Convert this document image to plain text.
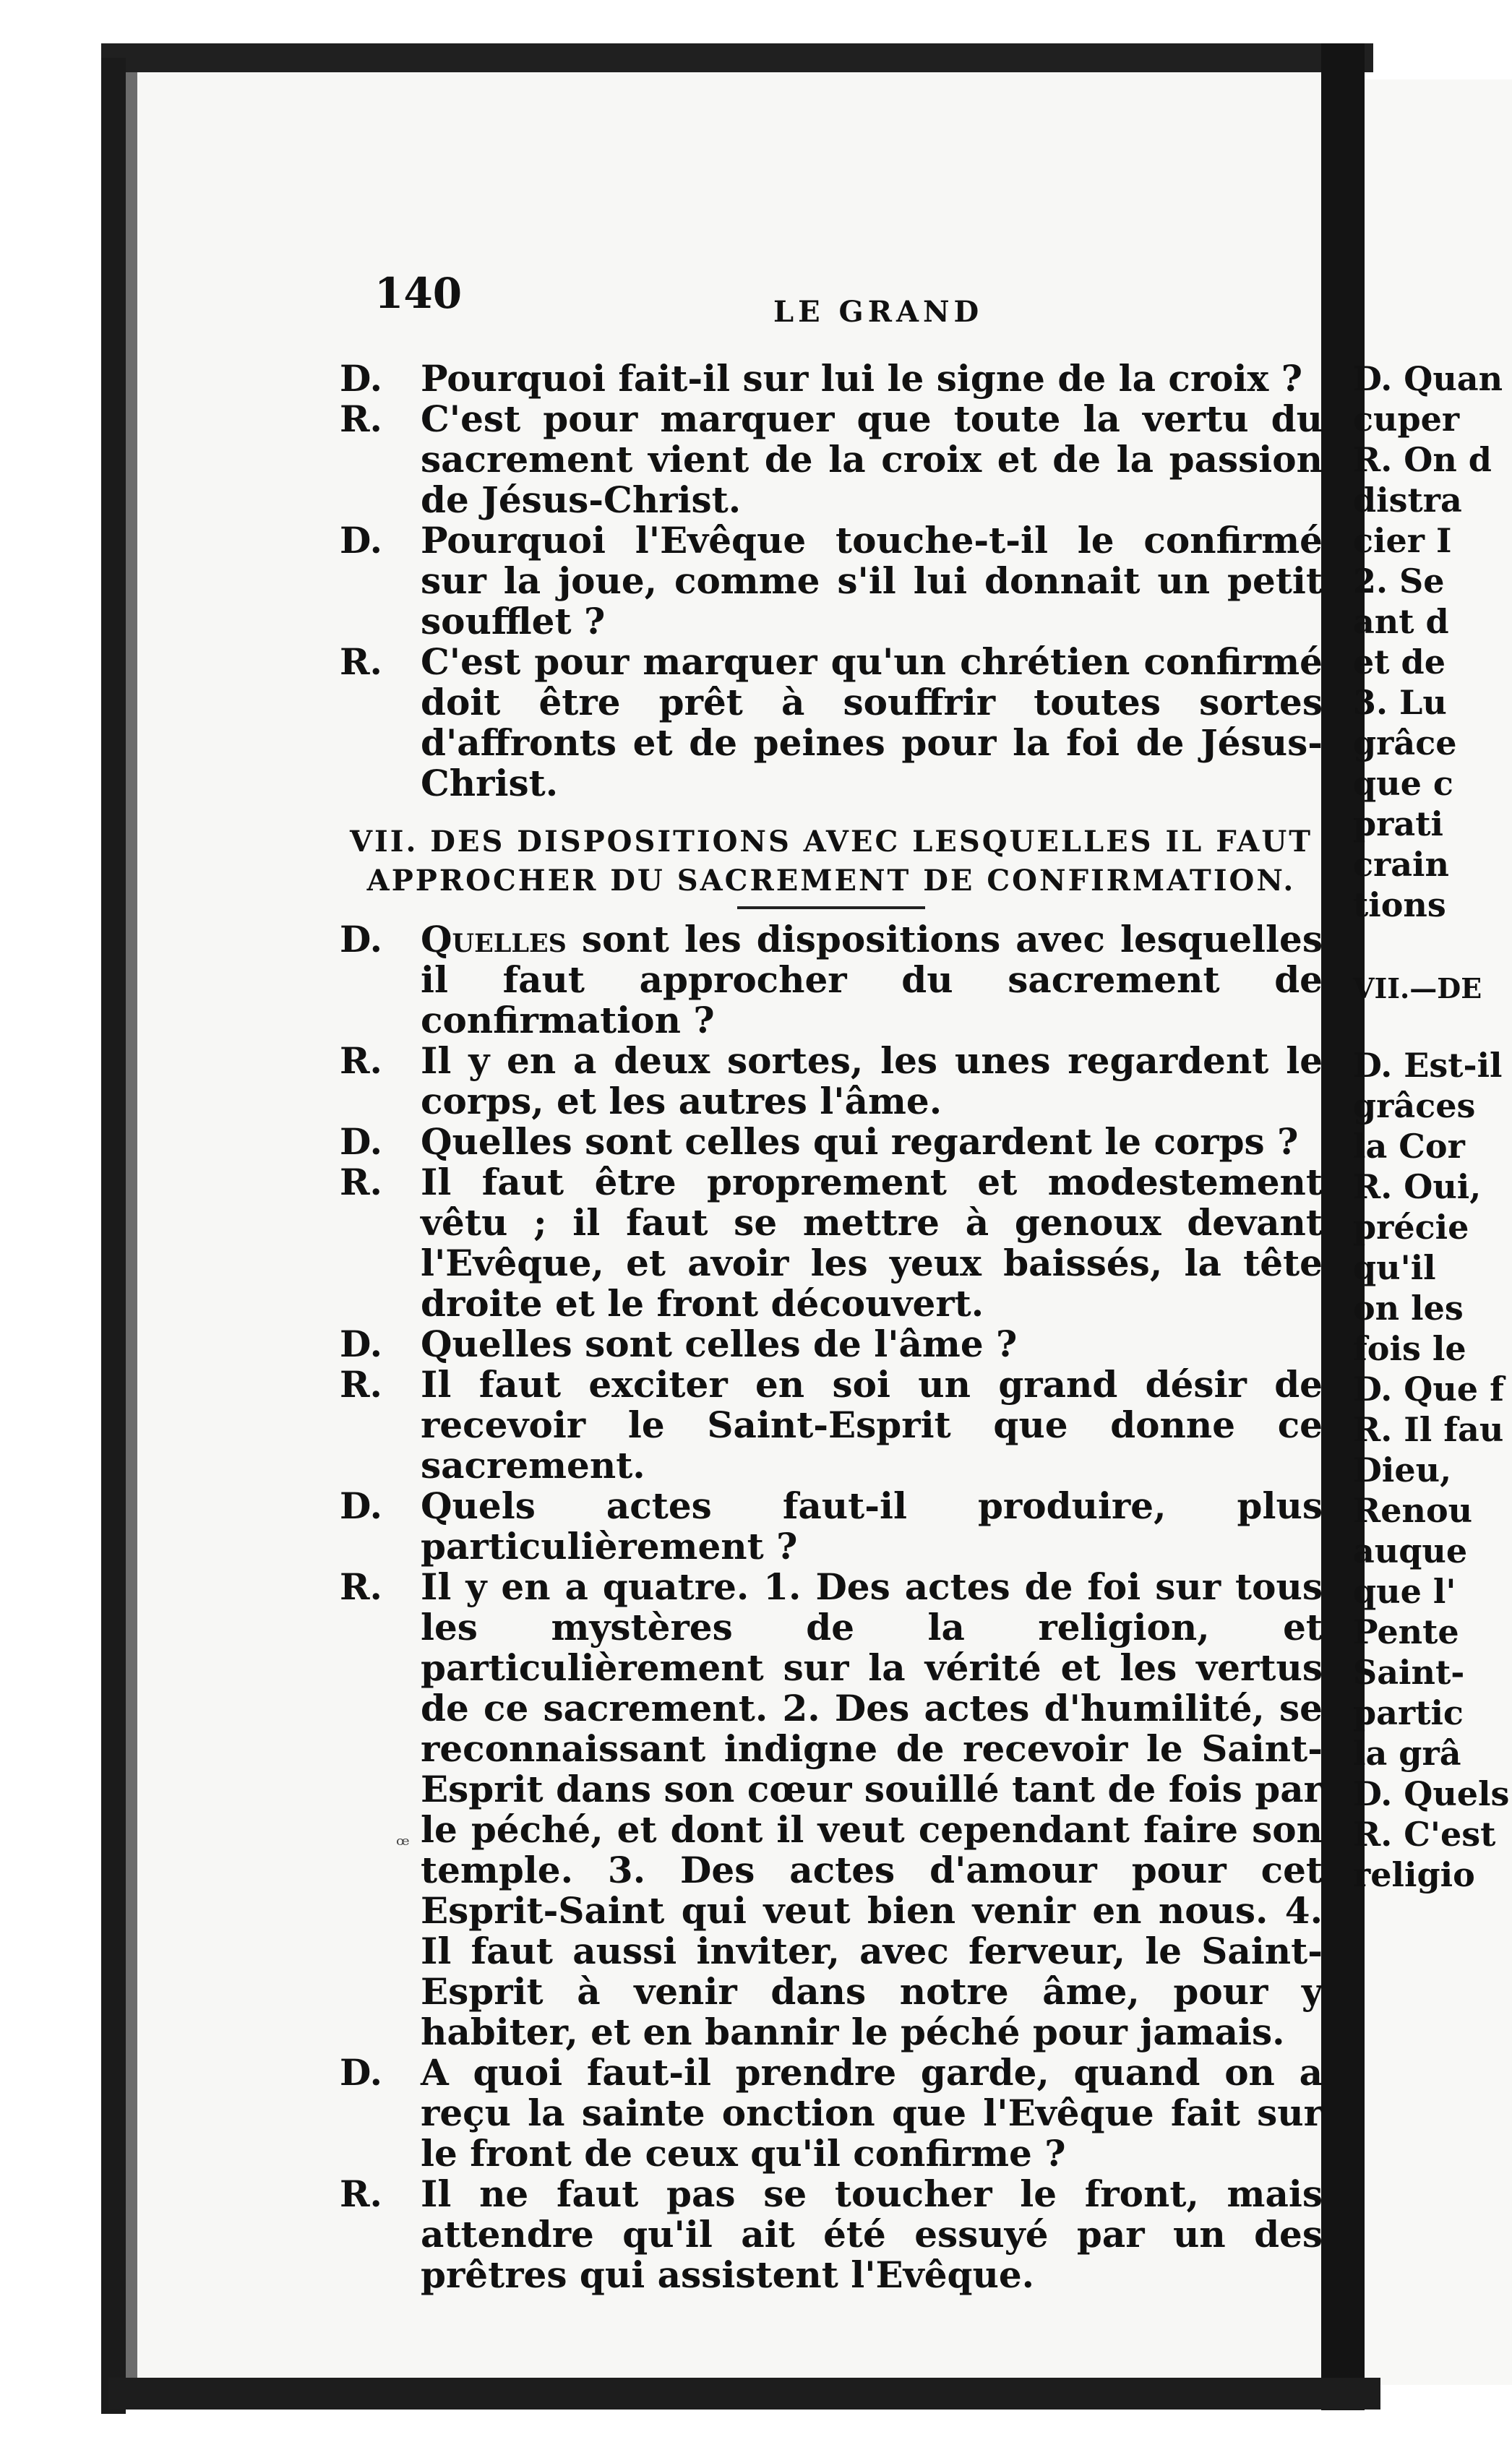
140	LE GRAND
D. Pourquoi fait-il sur lui le signe de la croix ?
R. C'est pour marquer que toute la vertu du sacrement vient de la croix et de la passion de Jésus-Christ.
D. Pourquoi l'Evêque touche-t-il le confirmé sur la joue, comme s'il lui donnait un petit soufflet ?
R. C'est pour marquer qu'un chrétien confirmé doit être prêt à souffrir toutes sortes d'affronts et de peines pour la foi de Jésus-Christ.
VII. DES DISPOSITIONS AVEC LESQUELLES IL FAUT APPROCHER DU SACREMENT DE CONFIRMATION.
D. Quelles sont les dispositions avec lesquelles il faut approcher du sacrement de confirmation ?
R. Il y en a deux sortes, les unes regardent le corps, et les autres l'âme.
D. Quelles sont celles qui regardent le corps ?
R. Il faut être proprement et modestement vêtu ; il faut se mettre à genoux devant l'Evêque, et avoir les yeux baissés, la tête droite et le front découvert.
D. Quelles sont celles de l'âme ?
R. Il faut exciter en soi un grand désir de recevoir le Saint-Esprit que donne ce sacrement.
D. Quels actes faut-il produire, plus particulièrement ?
R. Il y en a quatre. 1. Des actes de foi sur tous les mystères de la religion, et particulièrement sur la vérité et les vertus de ce sacrement. 2. Des actes d'humilité, se reconnaissant indigne de recevoir le Saint-Esprit dans son cœur souillé tant de fois par le péché, et dont il veut cependant faire son temple. 3. Des actes d'amour pour cet Esprit-Saint qui veut bien venir en nous. 4. Il faut aussi inviter, avec ferveur, le Saint-Esprit à venir dans notre âme, pour y habiter, et en bannir le péché pour jamais.
D. A quoi faut-il prendre garde, quand on a reçu la sainte onction que l'Evêque fait sur le front de ceux qu'il confirme ?
R. Il ne faut pas se toucher le front, mais attendre qu'il ait été essuyé par un des prêtres qui assistent l'Evêque.
ꟹ
D. Quan
cuper
R. On d
distra
cier I
2. Se
ant d
et de
3. Lu
grâce
que c
prati
crain
tions
VII.—DE
D. Est-il
grâces
la Cor
R. Oui,
précie
qu'il
on les
fois le
D. Que f
R. Il fau
Dieu,
Renou
auque
que l'
Pente
Saint-
partic
la grâ
D. Quels
R. C'est
religio
